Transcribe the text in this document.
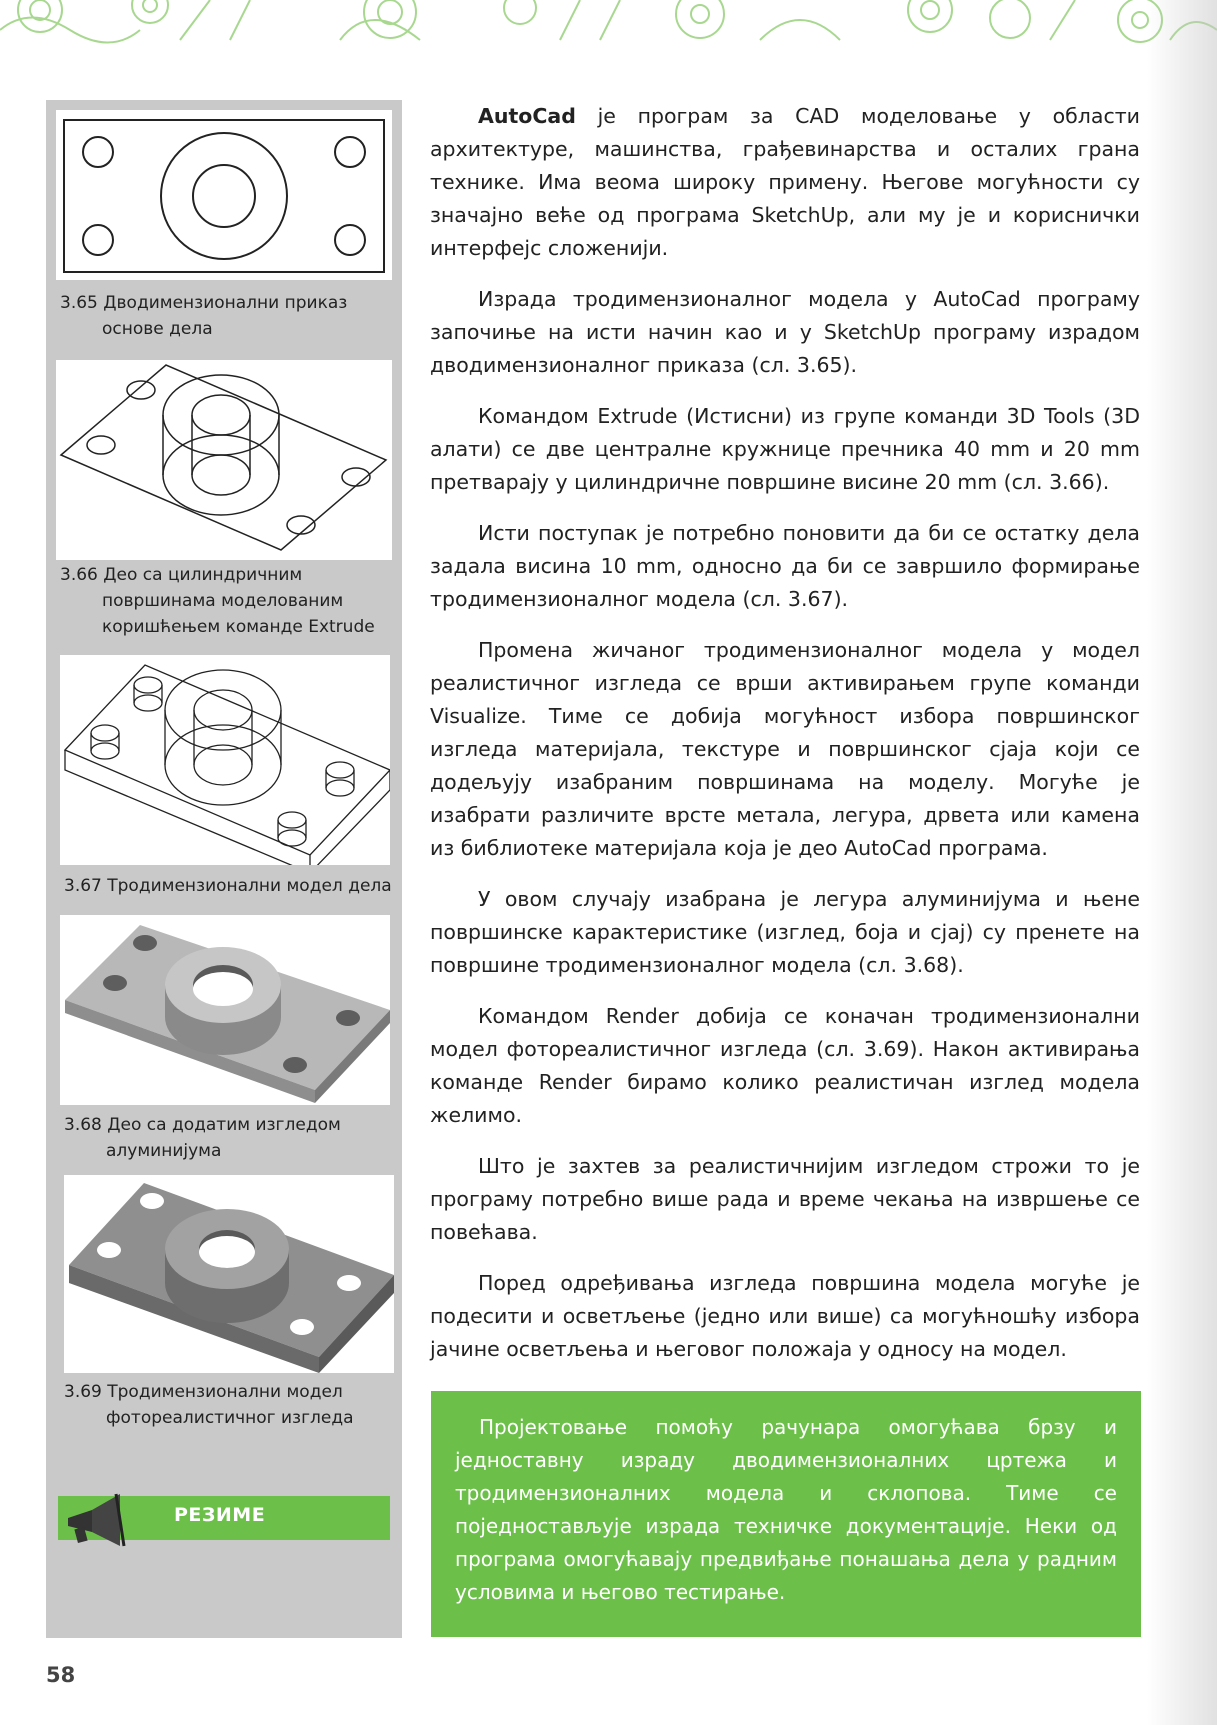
3.65 Дводимензионални приказ
основе дела
3.66 Део са цилиндричним
површинама моделованим
коришћењем команде Extrude
3.67 Тродимензионални модел дела
3.68 Део са додатим изгледом
алуминијума
3.69 Тродимензионални модел
фотореалистичног изгледа
РЕЗИМЕ

AutoCad је програм за CAD моделовање у области архитектуре, машинства, грађевинарства и осталих грана технике. Има веома широку примену. Његове могућности су значајно веће од програма SketchUp, али му је и кориснички интерфејс сложенији.

Израда тродимензионалног модела у AutoCad програму започиње на исти начин као и у SketchUp програму израдом дводимензионалног приказа (сл. 3.65).

Командом Extrude (Истисни) из групе команди 3D Tools (3D алати) се две централне кружнице пречника 40 mm и 20 mm претварају у цилиндричне површине висине 20 mm (сл. 3.66).

Исти поступак је потребно поновити да би се остатку дела задала висина 10 mm, односно да би се завршило формирање тродимензионалног модела (сл. 3.67).

Промена жичаног тродимензионалног модела у модел реалистичног изгледа се врши активирањем групе команди Visualize. Тиме се добија могућност избора површинског изгледа материјала, текстуре и површинског сјаја који се додељују изабраним површинама на моделу. Могуће је изабрати различите врсте метала, легура, дрвета или камена из библиотеке материјала која је део AutoCad програма.

У овом случају изабрана је легура алуминијума и њене површинске карактеристике (изглед, боја и сјај) су пренете на површине тродимензионалног модела (сл. 3.68).

Командом Render добија се коначан тродимензионални модел фотореалистичног изгледа (сл. 3.69). Након активирања команде Render бирамо колико реалистичан изглед модела желимо.

Што је захтев за реалистичнијим изгледом строжи то је програму потребно више рада и време чекања на извршење се повећава.

Поред одређивања изгледа површина модела могуће је подесити и осветљење (једно или више) са могућношћу избора јачине осветљења и његовог положаја у односу на модел.

Пројектовање помоћу рачунара омогућава брзу и једноставну израду дводимензионалних цртежа и тродимензионалних модела и склопова. Тиме се поједностављује израда техничке документације. Неки од програма омогућавају предвиђање понашања дела у радним условима и његово тестирање.
58
